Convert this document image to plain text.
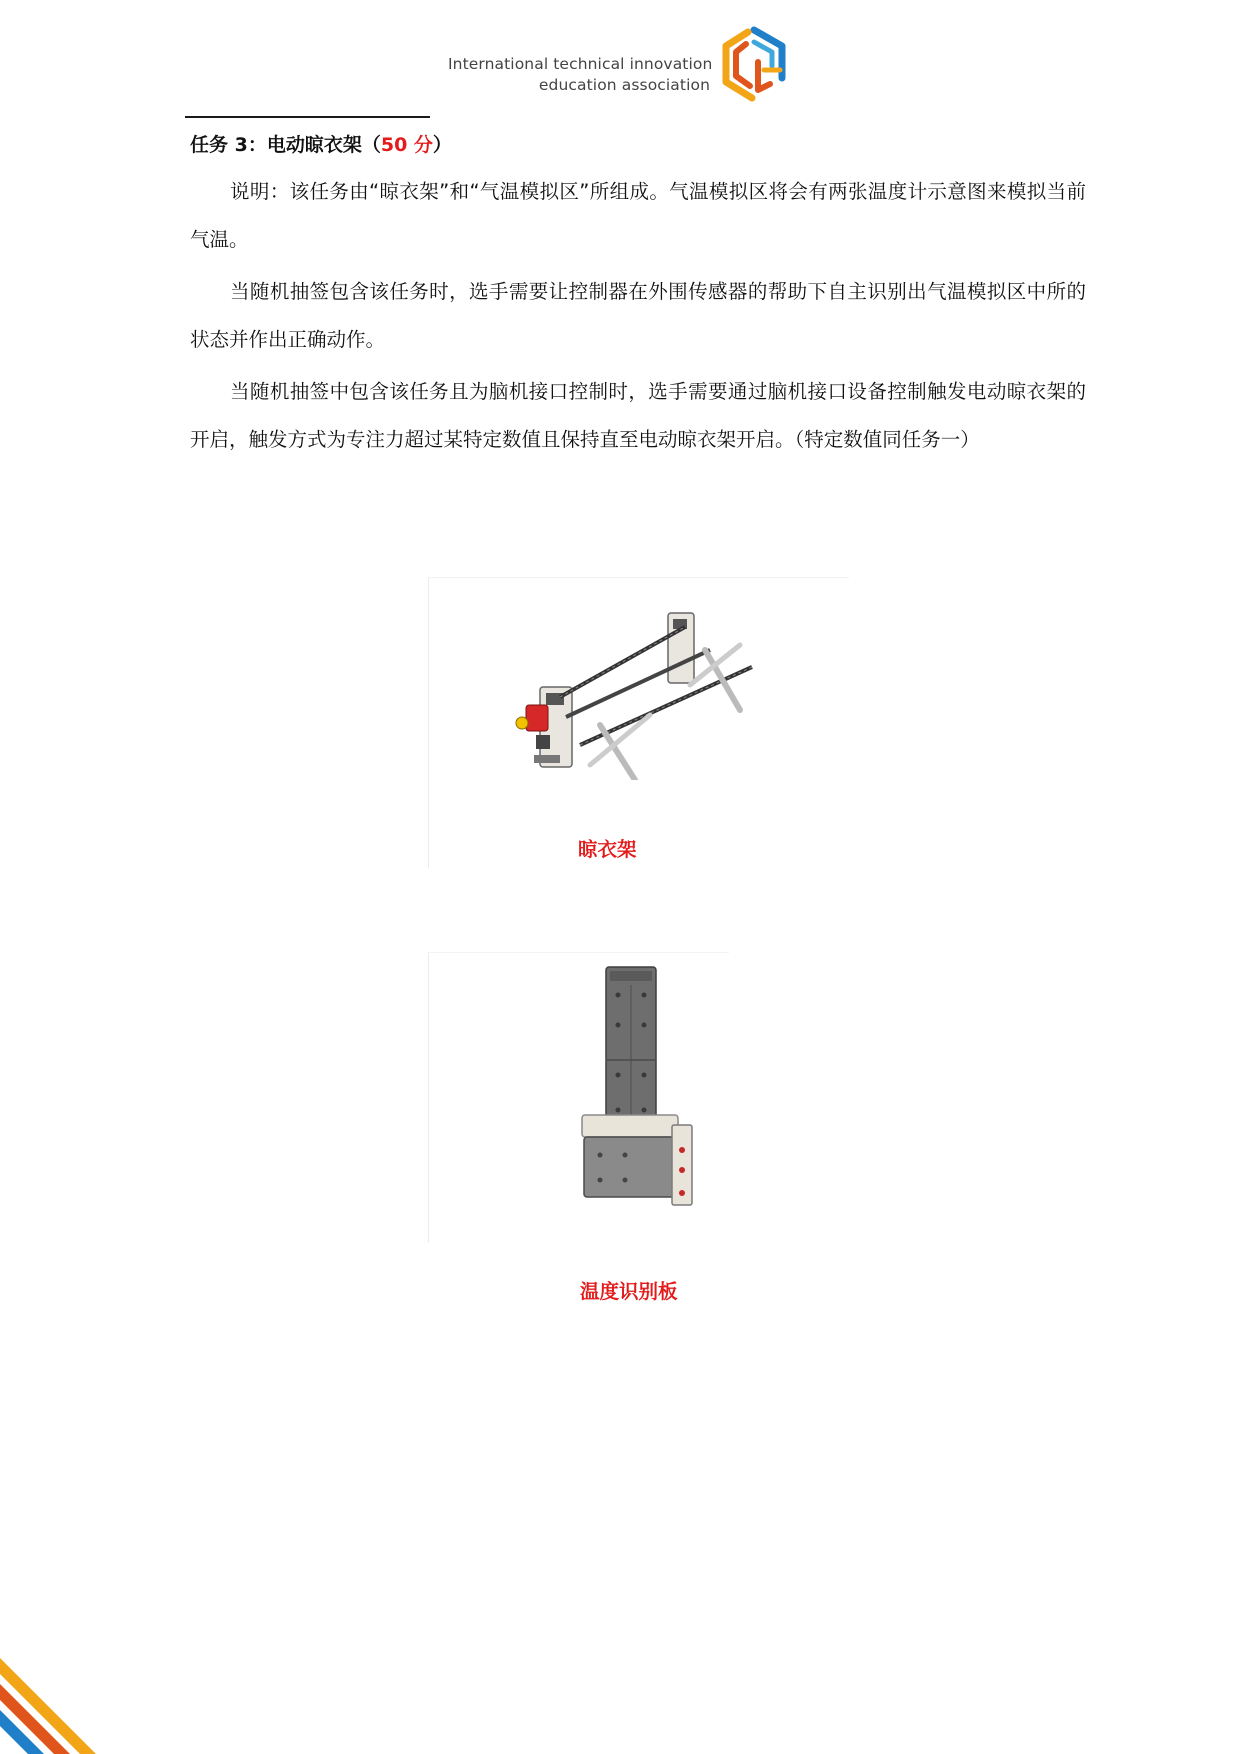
International technical innovation
education association
任务 3：电动晾衣架（50 分）

说明：该任务由“晾衣架”和“气温模拟区”所组成。气温模拟区将会有两张温度计示意图来模拟当前气温。

当随机抽签包含该任务时，选手需要让控制器在外围传感器的帮助下自主识别出气温模拟区中所的状态并作出正确动作。

当随机抽签中包含该任务且为脑机接口控制时，选手需要通过脑机接口设备控制触发电动晾衣架的开启，触发方式为专注力超过某特定数值且保持直至电动晾衣架开启。（特定数值同任务一）

晾衣架
温度识别板
